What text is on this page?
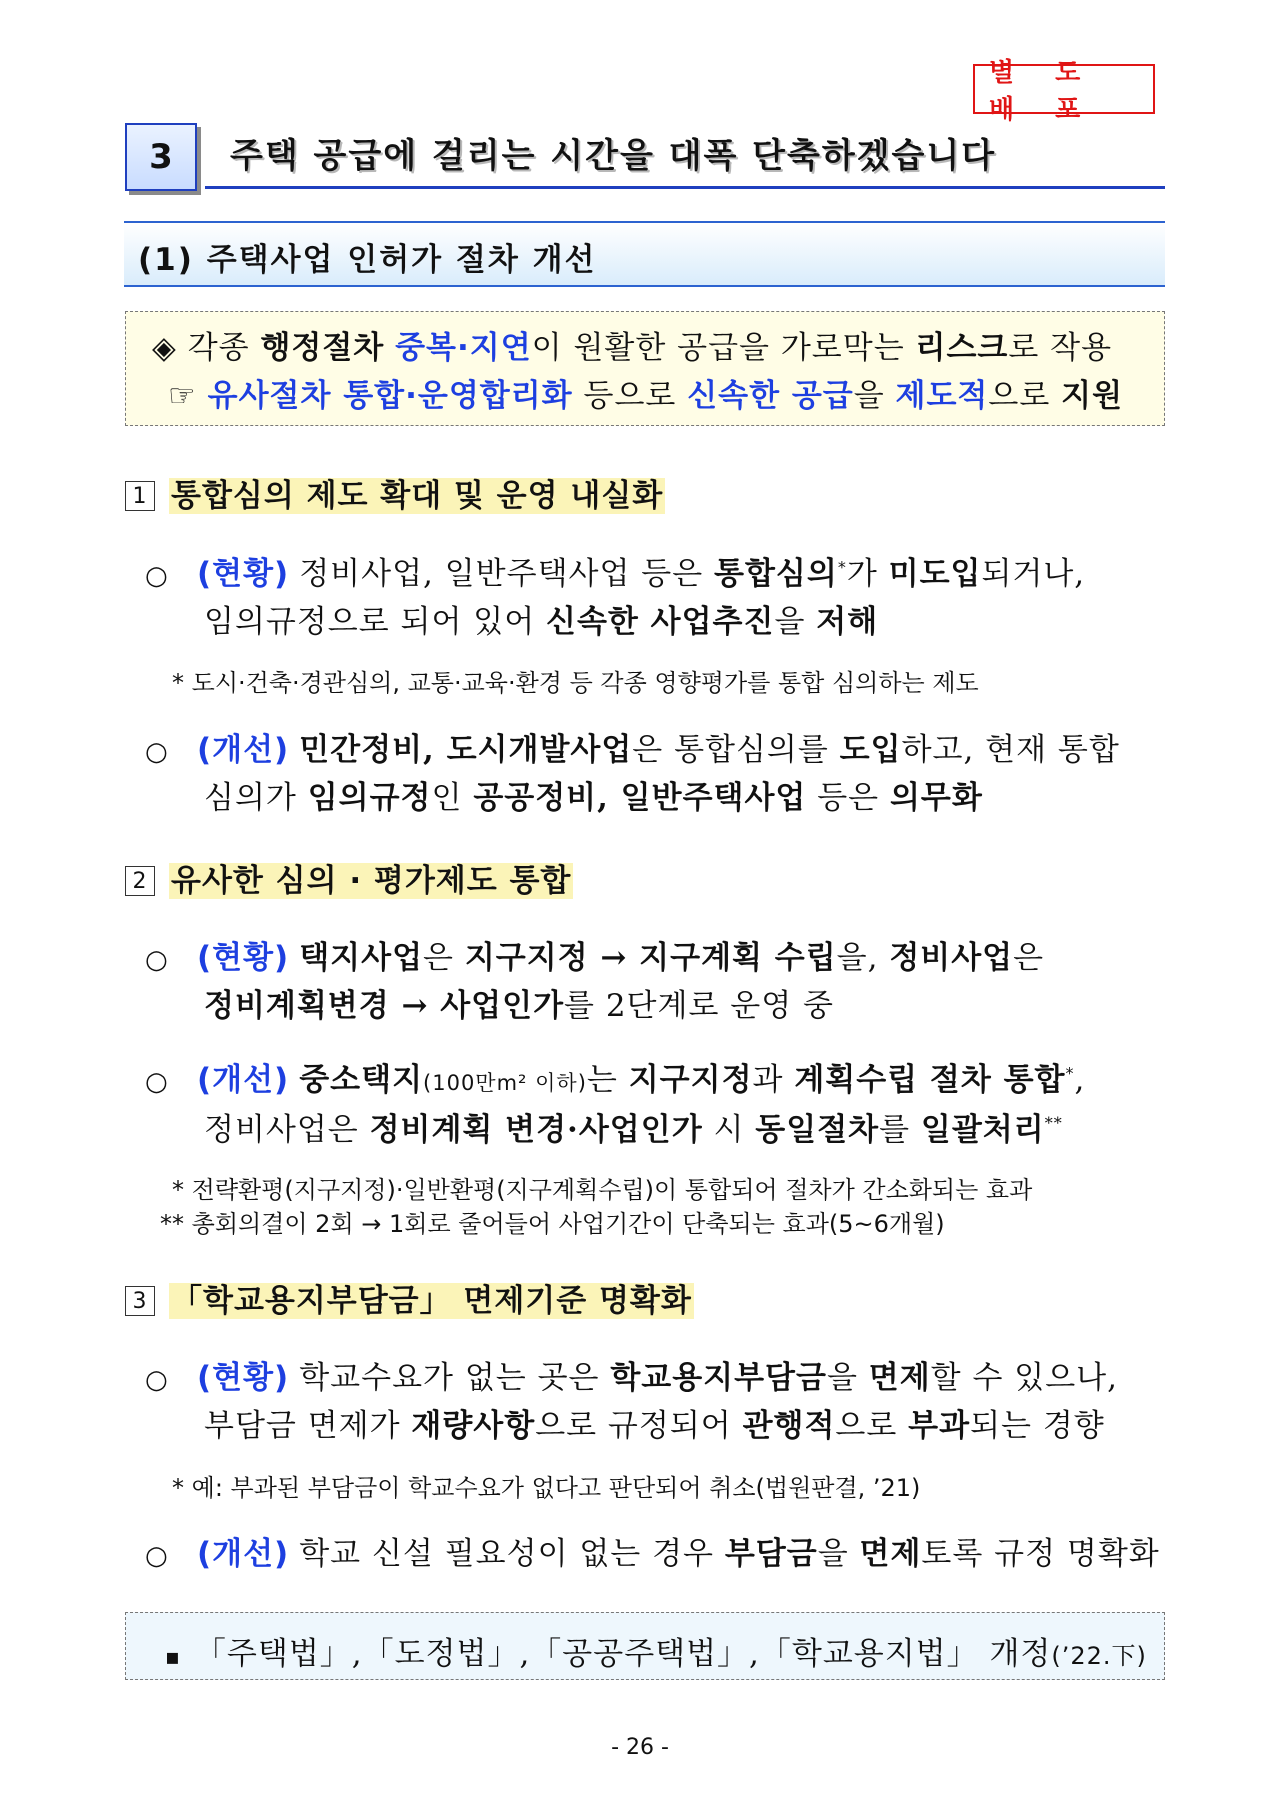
별 도 배 포
3	주택 공급에 걸리는 시간을 대폭 단축하겠습니다
(1) 주택사업 인허가 절차 개선
◈ 각종 행정절차 중복·지연이 원활한 공급을 가로막는 리스크로 작용
☞ 유사절차 통합·운영합리화 등으로 신속한 공급을 제도적으로 지원
1 통합심의 제도 확대 및 운영 내실화
○ (현황) 정비사업, 일반주택사업 등은 통합심의*가 미도입되거나,
임의규정으로 되어 있어 신속한 사업추진을 저해
* 도시·건축·경관심의, 교통·교육·환경 등 각종 영향평가를 통합 심의하는 제도
○ (개선) 민간정비, 도시개발사업은 통합심의를 도입하고, 현재 통합
심의가 임의규정인 공공정비, 일반주택사업 등은 의무화
2 유사한 심의 · 평가제도 통합
○ (현황) 택지사업은 지구지정 → 지구계획 수립을, 정비사업은
정비계획변경 → 사업인가를 2단계로 운영 중
○ (개선) 중소택지(100만m² 이하)는 지구지정과 계획수립 절차 통합*,
정비사업은 정비계획 변경·사업인가 시 동일절차를 일괄처리**
* 전략환평(지구지정)·일반환평(지구계획수립)이 통합되어 절차가 간소화되는 효과
** 총회의결이 2회 → 1회로 줄어들어 사업기간이 단축되는 효과(5~6개월)
3 「학교용지부담금」 면제기준 명확화
○ (현황) 학교수요가 없는 곳은 학교용지부담금을 면제할 수 있으나,
부담금 면제가 재량사항으로 규정되어 관행적으로 부과되는 경향
* 예: 부과된 부담금이 학교수요가 없다고 판단되어 취소(법원판결, ’21)
○ (개선) 학교 신설 필요성이 없는 경우 부담금을 면제토록 규정 명확화
▪ 「주택법」,「도정법」,「공공주택법」,「학교용지법」 개정(’22.下)
- 26 -
